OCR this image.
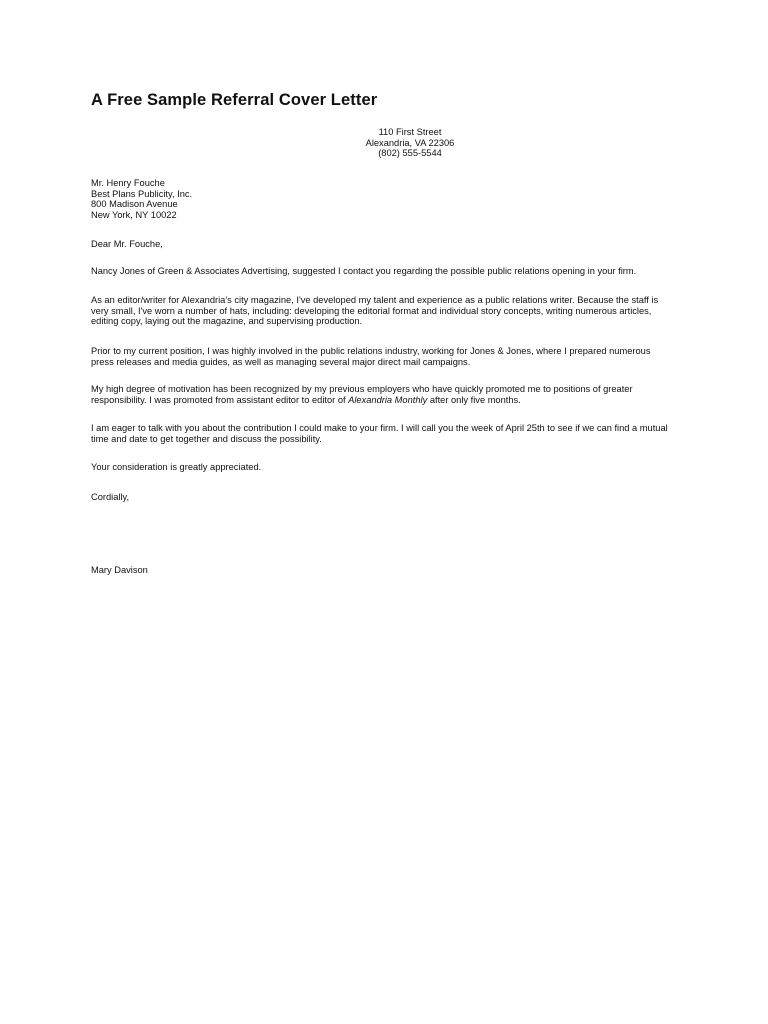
A Free Sample Referral Cover Letter
110 First Street
Alexandria, VA 22306
(802) 555-5544
Mr. Henry Fouche
Best Plans Publicity, Inc.
800 Madison Avenue
New York, NY 10022

Dear Mr. Fouche,

Nancy Jones of Green & Associates Advertising, suggested I contact you regarding the possible public relations opening in your firm.

As an editor/writer for Alexandria's city magazine, I've developed my talent and experience as a public relations writer. Because the staff is
very small, I've worn a number of hats, including: developing the editorial format and individual story concepts, writing numerous articles,
editing copy, laying out the magazine, and supervising production.

Prior to my current position, I was highly involved in the public relations industry, working for Jones & Jones, where I prepared numerous
press releases and media guides, as well as managing several major direct mail campaigns.

My high degree of motivation has been recognized by my previous employers who have quickly promoted me to positions of greater
responsibility. I was promoted from assistant editor to editor of Alexandria Monthly after only five months.

I am eager to talk with you about the contribution I could make to your firm. I will call you the week of April 25th to see if we can find a mutual
time and date to get together and discuss the possibility.

Your consideration is greatly appreciated.

Cordially,

Mary Davison
